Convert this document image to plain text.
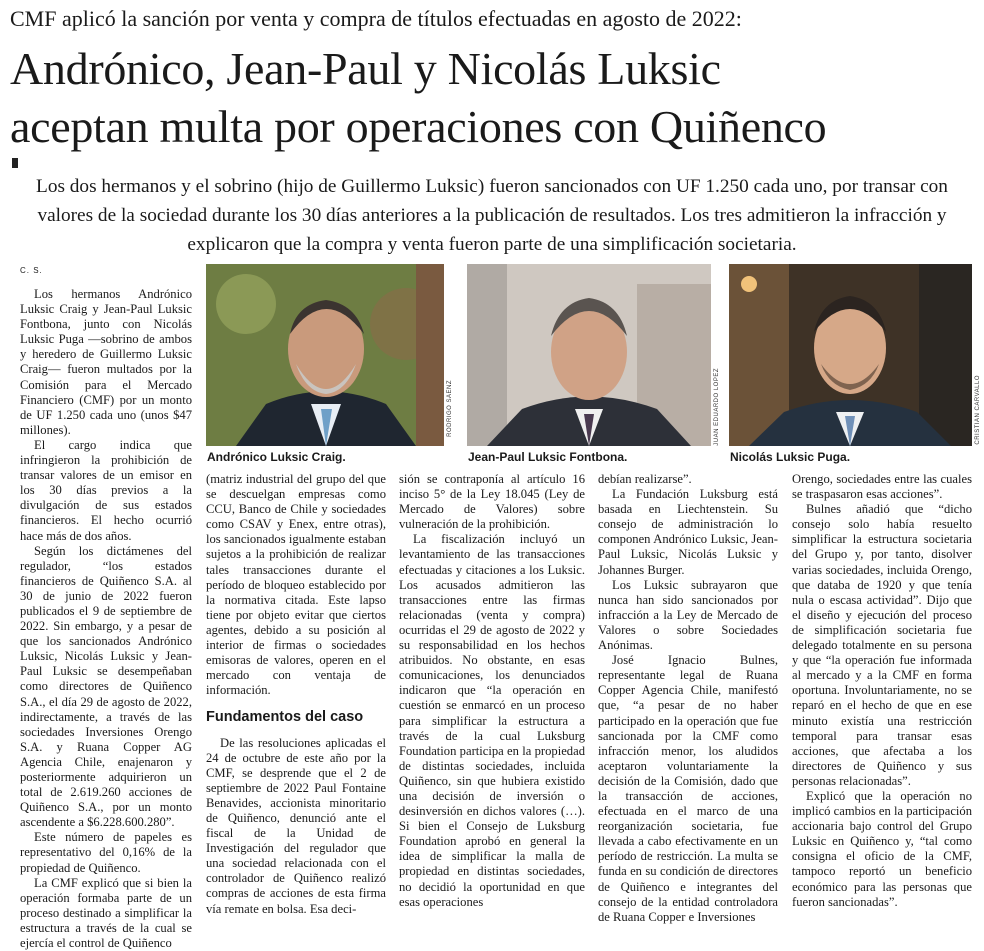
CMF aplicó la sanción por venta y compra de títulos efectuadas en agosto de 2022:
Andrónico, Jean-Paul y Nicolás Luksic
aceptan multa por operaciones con Quiñenco

Los dos hermanos y el sobrino (hijo de Guillermo Luksic) fueron sancionados con UF 1.250 cada uno, por transar con valores de la sociedad durante los 30 días anteriores a la publicación de resultados. Los tres admitieron la infracción y explicaron que la compra y venta fueron parte de una simplificación societaria.

C. S.
RODRIGO SÁENZ
Andrónico Luksic Craig.
JUAN EDUARDO LÓPEZ
Jean-Paul Luksic Fontbona.
CRISTIÁN CARVALLO
Nicolás Luksic Puga.

Los hermanos Andrónico Luksic Craig y Jean-Paul Luksic Fontbona, junto con Nicolás Luksic Puga —sobrino de ambos y heredero de Guillermo Luksic Craig— fueron multados por la Comisión para el Mercado Financiero (CMF) por un monto de UF 1.250 cada uno (unos $47 millones).

El cargo indica que infringieron la prohibición de transar valores de un emisor en los 30 días previos a la divulgación de sus estados financieros. El hecho ocurrió hace más de dos años.

Según los dictámenes del regulador, “los estados financieros de Quiñenco S.A. al 30 de junio de 2022 fueron publicados el 9 de septiembre de 2022. Sin embargo, y a pesar de que los sancionados Andrónico Luksic, Nicolás Luksic y Jean-Paul Luksic se desempeñaban como directores de Quiñenco S.A., el día 29 de agosto de 2022, indirectamente, a través de las sociedades Inversiones Orengo S.A. y Ruana Copper AG Agencia Chile, enajenaron y posteriormente adquirieron un total de 2.619.260 acciones de Quiñenco S.A., por un monto ascendente a $6.228.600.280”.

Este número de papeles es representativo del 0,16% de la propiedad de Quiñenco.

La CMF explicó que si bien la operación formaba parte de un proceso destinado a simplificar la estructura a través de la cual se ejercía el control de Quiñenco

(matriz industrial del grupo del que se descuelgan empresas como CCU, Banco de Chile y sociedades como CSAV y Enex, entre otras), los sancionados igualmente estaban sujetos a la prohibición de realizar tales transacciones durante el período de bloqueo establecido por la normativa citada. Este lapso tiene por objeto evitar que ciertos agentes, debido a su posición al interior de firmas o sociedades emisoras de valores, operen en el mercado con ventaja de información.

Fundamentos del caso

De las resoluciones aplicadas el 24 de octubre de este año por la CMF, se desprende que el 2 de septiembre de 2022 Paul Fontaine Benavides, accionista minoritario de Quiñenco, denunció ante el fiscal de la Unidad de Investigación del regulador que una sociedad relacionada con el controlador de Quiñenco realizó compras de acciones de esta firma vía remate en bolsa. Esa deci-

sión se contraponía al artículo 16 inciso 5° de la Ley 18.045 (Ley de Mercado de Valores) sobre vulneración de la prohibición.

La fiscalización incluyó un levantamiento de las transacciones efectuadas y citaciones a los Luksic. Los acusados admitieron las transacciones entre las firmas relacionadas (venta y compra) ocurridas el 29 de agosto de 2022 y su responsabilidad en los hechos atribuidos. No obstante, en esas comunicaciones, los denunciados indicaron que “la operación en cuestión se enmarcó en un proceso para simplificar la estructura a través de la cual Luksburg Foundation participa en la propiedad de distintas sociedades, incluida Quiñenco, sin que hubiera existido una decisión de inversión o desinversión en dichos valores (…). Si bien el Consejo de Luksburg Foundation aprobó en general la idea de simplificar la malla de propiedad en distintas sociedades, no decidió la oportunidad en que esas operaciones

debían realizarse”.

La Fundación Luksburg está basada en Liechtenstein. Su consejo de administración lo componen Andrónico Luksic, Jean-Paul Luksic, Nicolás Luksic y Johannes Burger.

Los Luksic subrayaron que nunca han sido sancionados por infracción a la Ley de Mercado de Valores o sobre Sociedades Anónimas.

José Ignacio Bulnes, representante legal de Ruana Copper Agencia Chile, manifestó que, “a pesar de no haber participado en la operación que fue sancionada por la CMF como infracción menor, los aludidos aceptaron voluntariamente la decisión de la Comisión, dado que la transacción de acciones, efectuada en el marco de una reorganización societaria, fue llevada a cabo efectivamente en un período de restricción. La multa se funda en su condición de directores de Quiñenco e integrantes del consejo de la entidad controladora de Ruana Copper e Inversiones

Orengo, sociedades entre las cuales se traspasaron esas acciones”.

Bulnes añadió que “dicho consejo solo había resuelto simplificar la estructura societaria del Grupo y, por tanto, disolver varias sociedades, incluida Orengo, que databa de 1920 y que tenía nula o escasa actividad”. Dijo que el diseño y ejecución del proceso de simplificación societaria fue delegado totalmente en su persona y que “la operación fue informada al mercado y a la CMF en forma oportuna. Involuntariamente, no se reparó en el hecho de que en ese minuto existía una restricción temporal para transar esas acciones, que afectaba a los directores de Quiñenco y sus personas relacionadas”.

Explicó que la operación no implicó cambios en la participación accionaria bajo control del Grupo Luksic en Quiñenco y, “tal como consigna el oficio de la CMF, tampoco reportó un beneficio económico para las personas que fueron sancionadas”.
